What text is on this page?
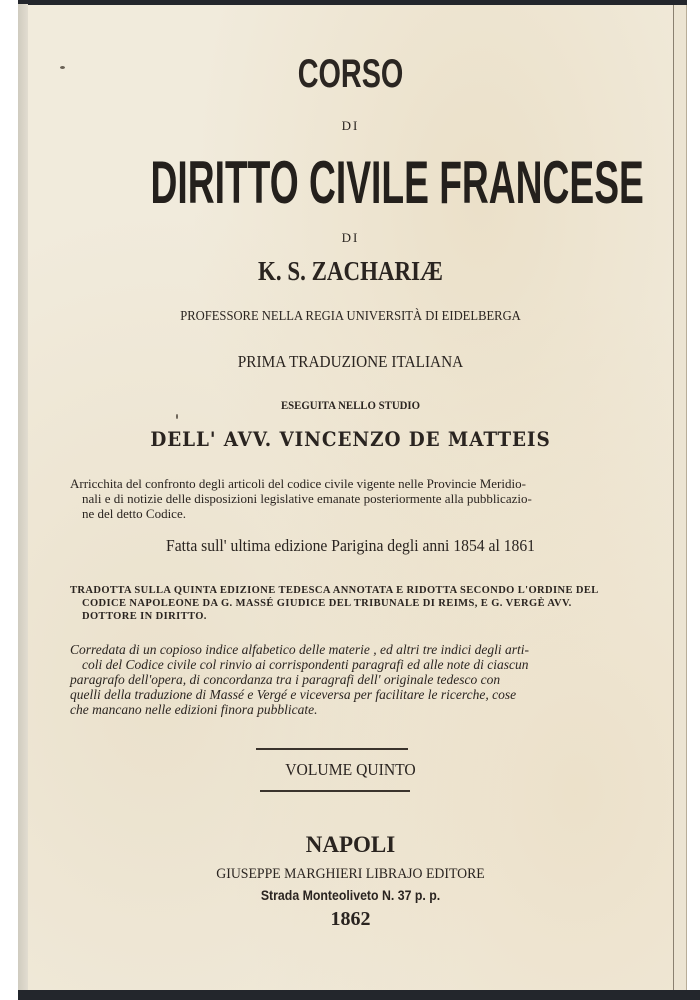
CORSO
DI
DIRITTO CIVILE FRANCESE
DI
K. S. ZACHARIÆ
PROFESSORE NELLA REGIA UNIVERSITÀ DI EIDELBERGA
PRIMA TRADUZIONE ITALIANA
ESEGUITA NELLO STUDIO
DELL' AVV. VINCENZO DE MATTEIS
Arricchita del confronto degli articoli del codice civile vigente nelle Provincie Meridio-
nali e di notizie delle disposizioni legislative emanate posteriormente alla pubblicazio-
ne del detto Codice.
Fatta sull' ultima edizione Parigina degli anni 1854 al 1861
TRADOTTA SULLA QUINTA EDIZIONE TEDESCA ANNOTATA E RIDOTTA SECONDO L'ORDINE DEL
CODICE NAPOLEONE DA G. MASSÉ GIUDICE DEL TRIBUNALE DI REIMS, E G. VERGÈ AVV.
DOTTORE IN DIRITTO.
Corredata di un copioso indice alfabetico delle materie , ed altri tre indici degli arti-
coli del Codice civile col rinvio ai corrispondenti paragrafi ed alle note di ciascun
paragrafo dell'opera, di concordanza tra i paragrafi dell' originale tedesco con
quelli della traduzione di Massé e Vergé e viceversa per facilitare le ricerche, cose
che mancano nelle edizioni finora pubblicate.
VOLUME QUINTO
NAPOLI
GIUSEPPE MARGHIERI LIBRAJO EDITORE
Strada Monteoliveto N. 37 p. p.
1862
